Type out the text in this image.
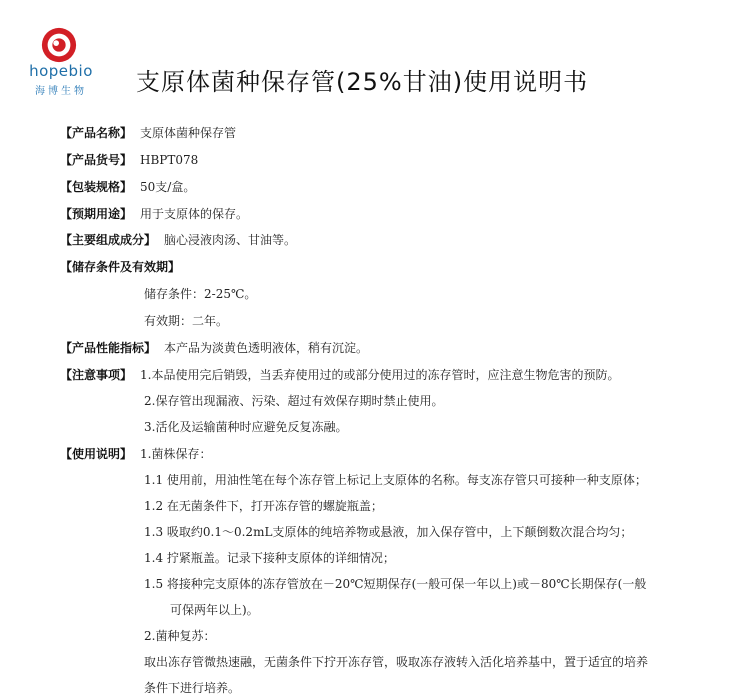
hopebio
海博生物	支原体菌种保存管(25%甘油)使用说明书
【产品名称】 支原体菌种保存管
【产品货号】 HBPT078
【包装规格】 50支/盒。
【预期用途】 用于支原体的保存。
【主要组成成分】 脑心浸液肉汤、甘油等。
【储存条件及有效期】
储存条件：2-25℃。
有效期：二年。
【产品性能指标】 本产品为淡黄色透明液体，稍有沉淀。
【注意事项】 1.本品使用完后销毁，当丢弃使用过的或部分使用过的冻存管时，应注意生物危害的预防。
2.保存管出现漏液、污染、超过有效保存期时禁止使用。
3.活化及运输菌种时应避免反复冻融。
【使用说明】 1.菌株保存：
1.1 使用前，用油性笔在每个冻存管上标记上支原体的名称。每支冻存管只可接种一种支原体；
1.2 在无菌条件下，打开冻存管的螺旋瓶盖；
1.3 吸取约0.1～0.2mL支原体的纯培养物或悬液，加入保存管中，上下颠倒数次混合均匀；
1.4 拧紧瓶盖。记录下接种支原体的详细情况；
1.5 将接种完支原体的冻存管放在－20℃短期保存(一般可保一年以上)或－80℃长期保存(一般
可保两年以上)。
2.菌种复苏：
取出冻存管微热速融，无菌条件下拧开冻存管，吸取冻存液转入活化培养基中，置于适宜的培养
条件下进行培养。
